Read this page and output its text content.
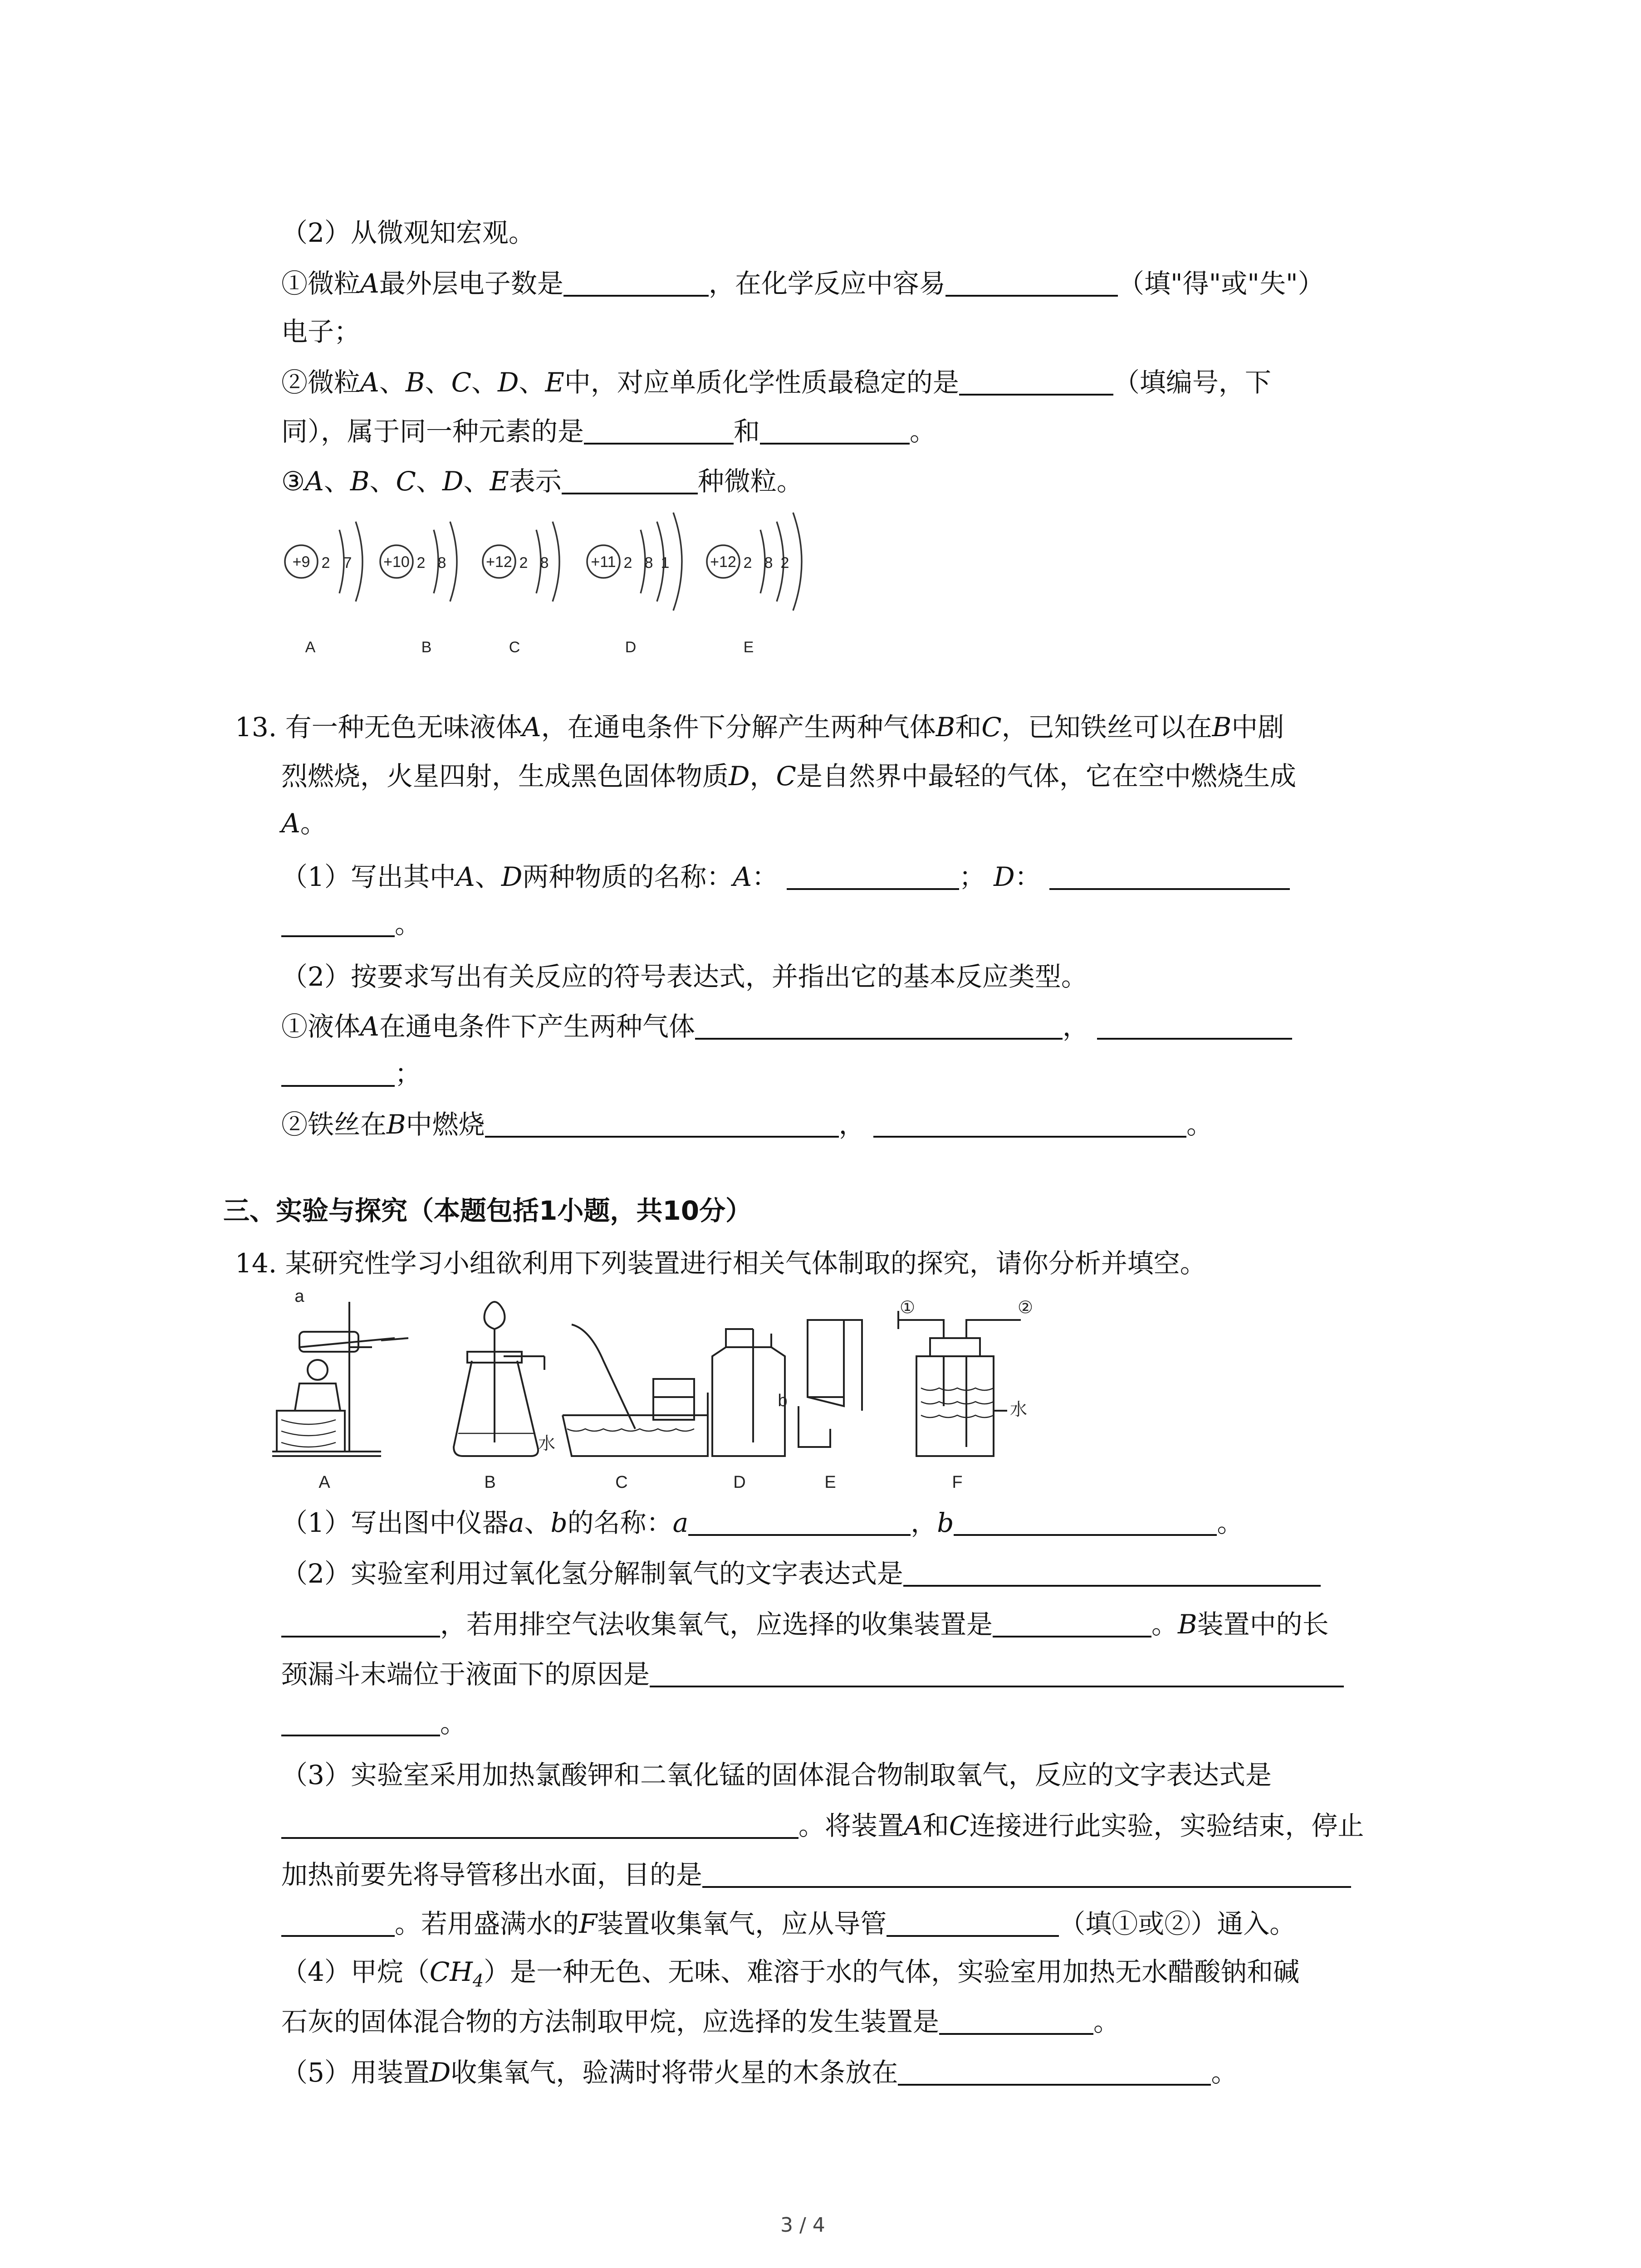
（2）从微观知宏观。
①微粒A最外层电子数是	，在化学反应中容易	（填"得"或"失"）
电子；
②微粒A、B、C、D、E中，对应单质化学性质最稳定的是	（填编号，下
同），属于同一种元素的是	和	。
③A、B、C、D、E表示	种微粒。
+9 2 7 +10 2 8	+12 2 8	+11 2 8 1	+12 2 8 2
A	B	C	D	E
13. 有一种无色无味液体A，在通电条件下分解产生两种气体B和C，已知铁丝可以在B中剧
烈燃烧，火星四射，生成黑色固体物质D，C是自然界中最轻的气体，它在空中燃烧生成
A。
（1）写出其中A、D两种物质的名称：A：	； D：
。
（2）按要求写出有关反应的符号表达式，并指出它的基本反应类型。
①液体A在通电条件下产生两种气体	，
；
②铁丝在B中燃烧	，	。
三、实验与探究（本题包括1小题，共10分）
14. 某研究性学习小组欲利用下列装置进行相关气体制取的探究，请你分析并填空。
a
b
水
水
①	②
A	B	C	D	E	F
（1）写出图中仪器a、b的名称：a	，b	。
（2）实验室利用过氧化氢分解制氧气的文字表达式是
，若用排空气法收集氧气，应选择的收集装置是	。B装置中的长
颈漏斗末端位于液面下的原因是
。
（3）实验室采用加热氯酸钾和二氧化锰的固体混合物制取氧气，反应的文字表达式是
。将装置A和C连接进行此实验，实验结束，停止
加热前要先将导管移出水面，目的是
。若用盛满水的F装置收集氧气，应从导管	（填①或②）通入。
（4）甲烷$(CH_4)$是一种无色、无味、难溶于水的气体，实验室用加热无水醋酸钠和碱
石灰的固体混合物的方法制取甲烷，应选择的发生装置是	。
（5）用装置D收集氧气，验满时将带火星的木条放在	。
3 / 4
